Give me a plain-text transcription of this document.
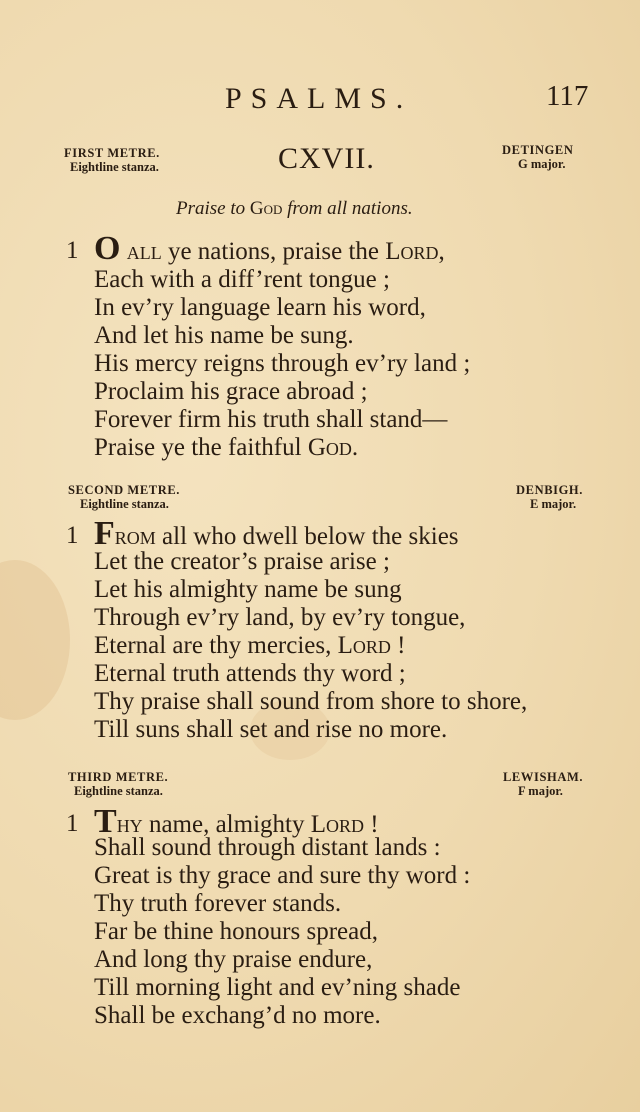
PSALMS.	117
FIRST METRE.
Eightline stanza.	CXVII.	DETINGEN
G major.
Praise to God from all nations.
1 O all ye nations, praise the Lord,
Each with a diff’rent tongue ;
In ev’ry language learn his word,
And let his name be sung.
His mercy reigns through ev’ry land ;
Proclaim his grace abroad ;
Forever firm his truth shall stand—
Praise ye the faithful God.
SECOND METRE.
Eightline stanza.
DENBIGH.
E major.
1 From all who dwell below the skies
Let the creator’s praise arise ;
Let his almighty name be sung
Through ev’ry land, by ev’ry tongue,
Eternal are thy mercies, Lord !
Eternal truth attends thy word ;
Thy praise shall sound from shore to shore,
Till suns shall set and rise no more.
THIRD METRE.
Eightline stanza.
LEWISHAM.
F major.
1 Thy name, almighty Lord !
Shall sound through distant lands :
Great is thy grace and sure thy word :
Thy truth forever stands.
Far be thine honours spread,
And long thy praise endure,
Till morning light and ev’ning shade
Shall be exchang’d no more.
